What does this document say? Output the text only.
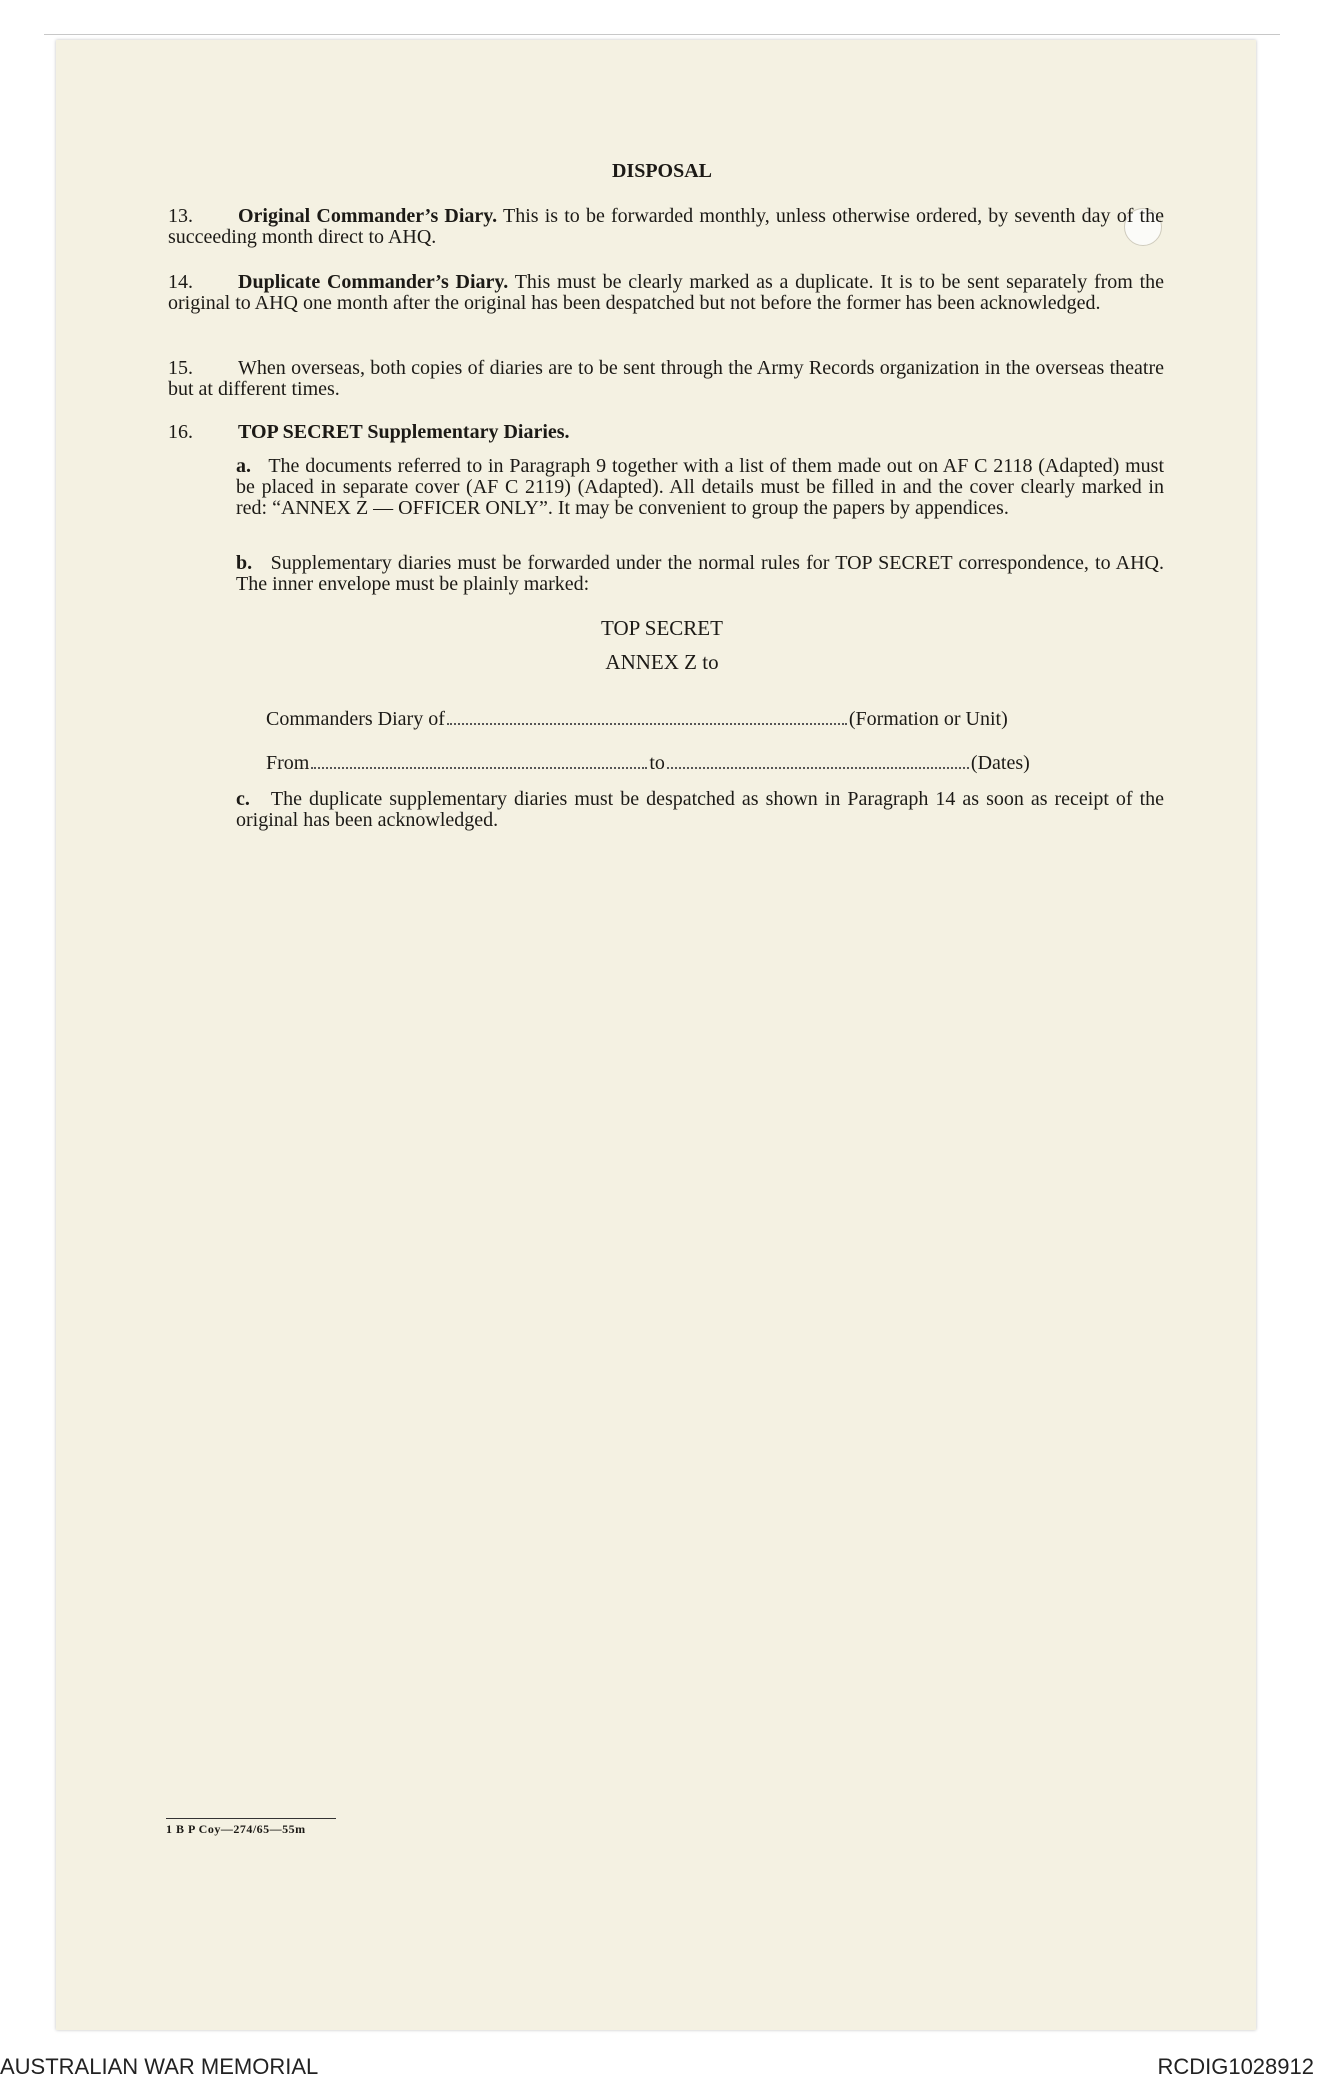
DISPOSAL
13. Original Commander’s Diary. This is to be forwarded monthly, unless otherwise ordered, by seventh day of the succeeding month direct to AHQ.
14. Duplicate Commander’s Diary. This must be clearly marked as a duplicate. It is to be sent separately from the original to AHQ one month after the original has been despatched but not before the former has been acknowledged.
15. When overseas, both copies of diaries are to be sent through the Army Records organization in the overseas theatre but at different times.
16. TOP SECRET Supplementary Diaries.
a. The documents referred to in Paragraph 9 together with a list of them made out on AF C 2118 (Adapted) must be placed in separate cover (AF C 2119) (Adapted). All details must be filled in and the cover clearly marked in red: “ANNEX Z — OFFICER ONLY”. It may be convenient to group the papers by appendices.
b. Supplementary diaries must be forwarded under the normal rules for TOP SECRET correspondence, to AHQ. The inner envelope must be plainly marked:
TOP SECRET
ANNEX Z to
Commanders Diary of	(Formation or Unit)
From	to	(Dates)
c. The duplicate supplementary diaries must be despatched as shown in Paragraph 14 as soon as receipt of the original has been acknowledged.
1 B P Coy—274/65—55m
AUSTRALIAN WAR MEMORIAL	RCDIG1028912
